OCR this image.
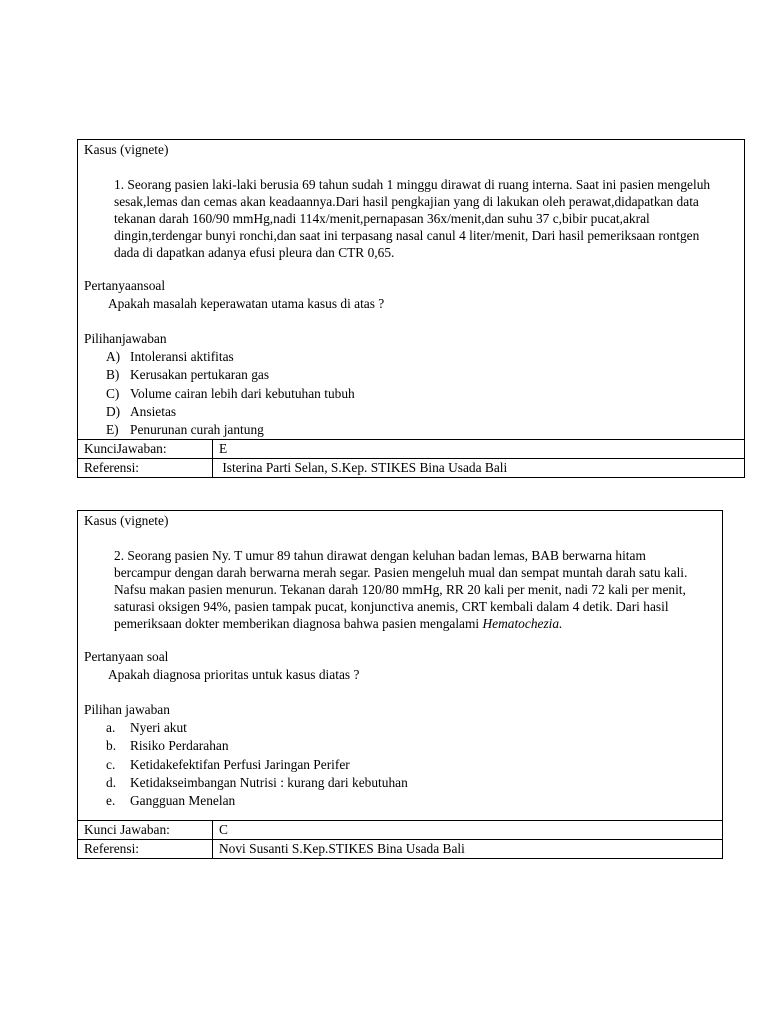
Kasus (vignete)
1. Seorang pasien laki-laki berusia 69 tahun sudah 1 minggu dirawat di ruang interna. Saat ini pasien mengeluh sesak,lemas dan cemas akan keadaannya.Dari hasil pengkajian yang di lakukan oleh perawat,didapatkan data tekanan darah 160/90 mmHg,nadi 114x/menit,pernapasan 36x/menit,dan suhu 37 c,bibir pucat,akral dingin,terdengar bunyi ronchi,dan saat ini terpasang nasal canul 4 liter/menit, Dari hasil pemeriksaan rontgen dada di dapatkan adanya efusi pleura dan CTR 0,65.
Pertanyaansoal
Apakah masalah keperawatan utama kasus di atas ?
Pilihanjawaban
A) Intoleransi aktifitas
B) Kerusakan pertukaran gas
C) Volume cairan lebih dari kebutuhan tubuh
D) Ansietas
E) Penurunan curah jantung
KunciJawaban:	E
Referensi:	Isterina Parti Selan, S.Kep. STIKES Bina Usada Bali
Kasus (vignete)
2. Seorang pasien Ny. T umur 89 tahun dirawat dengan keluhan badan lemas, BAB berwarna hitam bercampur dengan darah berwarna merah segar. Pasien mengeluh mual dan sempat muntah darah satu kali. Nafsu makan pasien menurun. Tekanan darah 120/80 mmHg, RR 20 kali per menit, nadi 72 kali per menit, saturasi oksigen 94%, pasien tampak pucat, konjunctiva anemis, CRT kembali dalam 4 detik. Dari hasil pemeriksaan dokter memberikan diagnosa bahwa pasien mengalami Hematochezia.
Pertanyaan soal
Apakah diagnosa prioritas untuk kasus diatas ?
Pilihan jawaban
a.	Nyeri akut
b.	Risiko Perdarahan
c.	Ketidakefektifan Perfusi Jaringan Perifer
d.	Ketidakseimbangan Nutrisi : kurang dari kebutuhan
e.	Gangguan Menelan
Kunci Jawaban:	C
Referensi:	Novi Susanti S.Kep.STIKES Bina Usada Bali
